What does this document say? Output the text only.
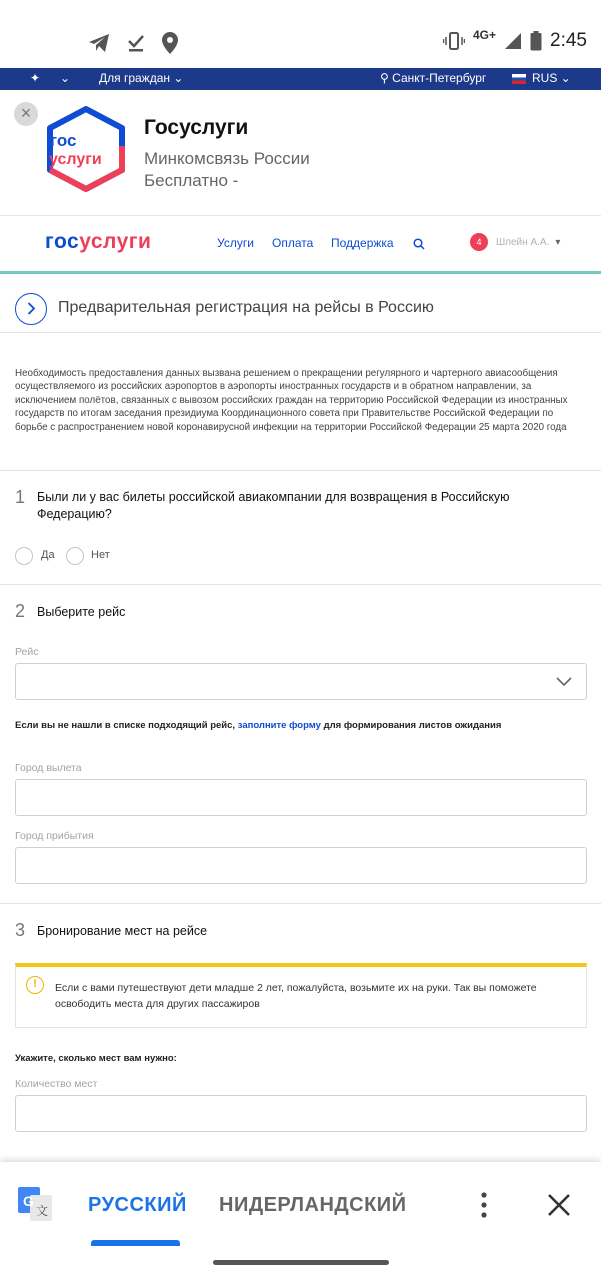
4G+	2:45
✦ ⌄ Для граждан ⌄	⚲ Санкт-Петербург	RUS ⌄
×
гос
услуги
Госуслуги
Минкомсвязь России
Бесплатно -
госуслуги	Услуги Оплата Поддержка	4	Шлейн А.А. ▾
Предварительная регистрация на рейсы в Россию
Необходимость предоставления данных вызвана решением о прекращении регулярного и чартерного авиасообщения осуществляемого из российских аэропортов в аэропорты иностранных государств и в обратном направлении, за исключением полётов, связанных с вывозом российских граждан на территорию Российской Федерации из иностранных государств по итогам заседания президиума Координационного совета при Правительстве Российской Федерации по борьбе с распространением новой коронавирусной инфекции на территории Российской Федерации 25 марта 2020 года
1 Были ли у вас билеты российской авиакомпании для возвращения в Российскую Федерацию?
Да	Нет
2 Выберите рейс
Рейс
Если вы не нашли в списке подходящий рейс, заполните форму для формирования листов ожидания
Город вылета
Город прибытия
3 Бронирование мест на рейсе
!	Если с вами путешествуют дети младше 2 лет, пожалуйста, возьмите их на руки. Так вы поможете освободить места для других пассажиров
Укажите, сколько мест вам нужно:
Количество мест
G
文 РУССКИЙ НИДЕРЛАНДСКИЙ
